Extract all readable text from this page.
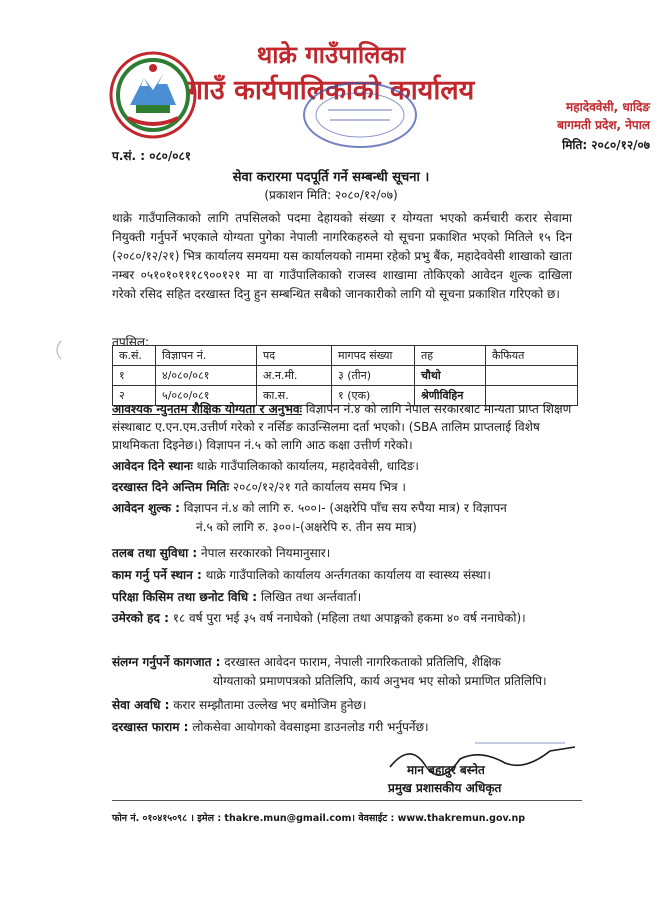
थाक्रे गाउँपालिका
गाउँ कार्यपालिकाको कार्यालय
महादेववेसी, धादिङ
बागमती प्रदेश, नेपाल
मिति: २०८०/१२/०७
प.सं. : ०८०/०८१
सेवा करारमा पदपूर्ति गर्ने सम्बन्धी सूचना ।
(प्रकाशन मिति: २०८०/१२/०७)

थाक्रे गाउँपालिकाको लागि तपसिलको पदमा देहायको संख्या र योग्यता भएको कर्मचारी करार सेवामा नियुक्ती गर्नुपर्ने भएकाले योग्यता पुगेका नेपाली नागरिकहरुले यो सूचना प्रकाशित भएको मितिले १५ दिन (२०८०/१२/२१) भित्र कार्यालय समयमा यस कार्यालयको नाममा रहेको प्रभु बैंक, महादेववेसी शाखाको खाता नम्बर ०५१०१०१११८९००१२१ मा वा गाउँपालिकाको राजस्व शाखामा तोकिएको आवेदन शुल्क दाखिला गरेको रसिद सहित दरखास्त दिनु हुन सम्बन्धित सबैको जानकारीको लागि यो सूचना प्रकाशित गरिएको छ।

तपसिल:
क.सं.	विज्ञापन नं.	पद	मागपद संख्या	तह	कैफियत
१	४/०८०/०८१	अ.न.मी.	३ (तीन)	चौथो	
२	५/०८०/०८१	का.स.	१ (एक)	श्रेणीविहिन	
आवश्यक न्युनतम शैक्षिक योग्यता र अनुभवः विज्ञापन नं.४ को लागि नेपाल सरकारबाट मान्यता प्राप्त शिक्षण संस्थाबाट ए.एन.एम.उत्तीर्ण गरेको र नर्सिङ काउन्सिलमा दर्ता भएको। (SBA तालिम प्राप्तलाई विशेष प्राथमिकता दिइनेछ।) विज्ञापन नं.५ को लागि आठ कक्षा उत्तीर्ण गरेको।
आवेदन दिने स्थानः थाक्रे गाउँपालिकाको कार्यालय, महादेववेसी, धादिङ।
दरखास्त दिने अन्तिम मितिः २०८०/१२/२१ गते कार्यालय समय भित्र ।
आवेदन शुल्क : विज्ञापन नं.४ को लागि रु. ५००।- (अक्षरेपि पाँच सय रुपैया मात्र) र विज्ञापन
नं.५ को लागि रु. ३००।-(अक्षरेपि रु. तीन सय मात्र)
तलब तथा सुविधा : नेपाल सरकारको नियमानुसार।
काम गर्नु पर्ने स्थान : थाक्रे गाउँपालिको कार्यालय अर्न्तगतका कार्यालय वा स्वास्थ्य संस्था।
परिक्षा किसिम तथा छनोट विधि : लिखित तथा अर्न्तवार्ता।
उमेरको हद : १८ वर्ष पुरा भई ३५ वर्ष ननाघेको (महिला तथा अपाङ्गको हकमा ४० वर्ष ननाघेको)।
संलग्न गर्नुपर्ने कागजात : दरखास्त आवेदन फाराम, नेपाली नागरिकताको प्रतिलिपि, शैक्षिक
योग्यताको प्रमाणपत्रको प्रतिलिपि, कार्य अनुभव भए सोको प्रमाणित प्रतिलिपि।
सेवा अवधि : करार सम्झौतामा उल्लेख भए बमोजिम हुनेछ।
दरखास्त फाराम : लोकसेवा आयोगको वेवसाइमा डाउनलोड गरी भर्नुपर्नेछ।
मान बहादुर बस्नेत
प्रमुख प्रशासकीय अधिकृत
फोन नं. ०१०४१५०९८ । इमेल : thakre.mun@gmail.com। वेवसाईट : www.thakremun.gov.np
